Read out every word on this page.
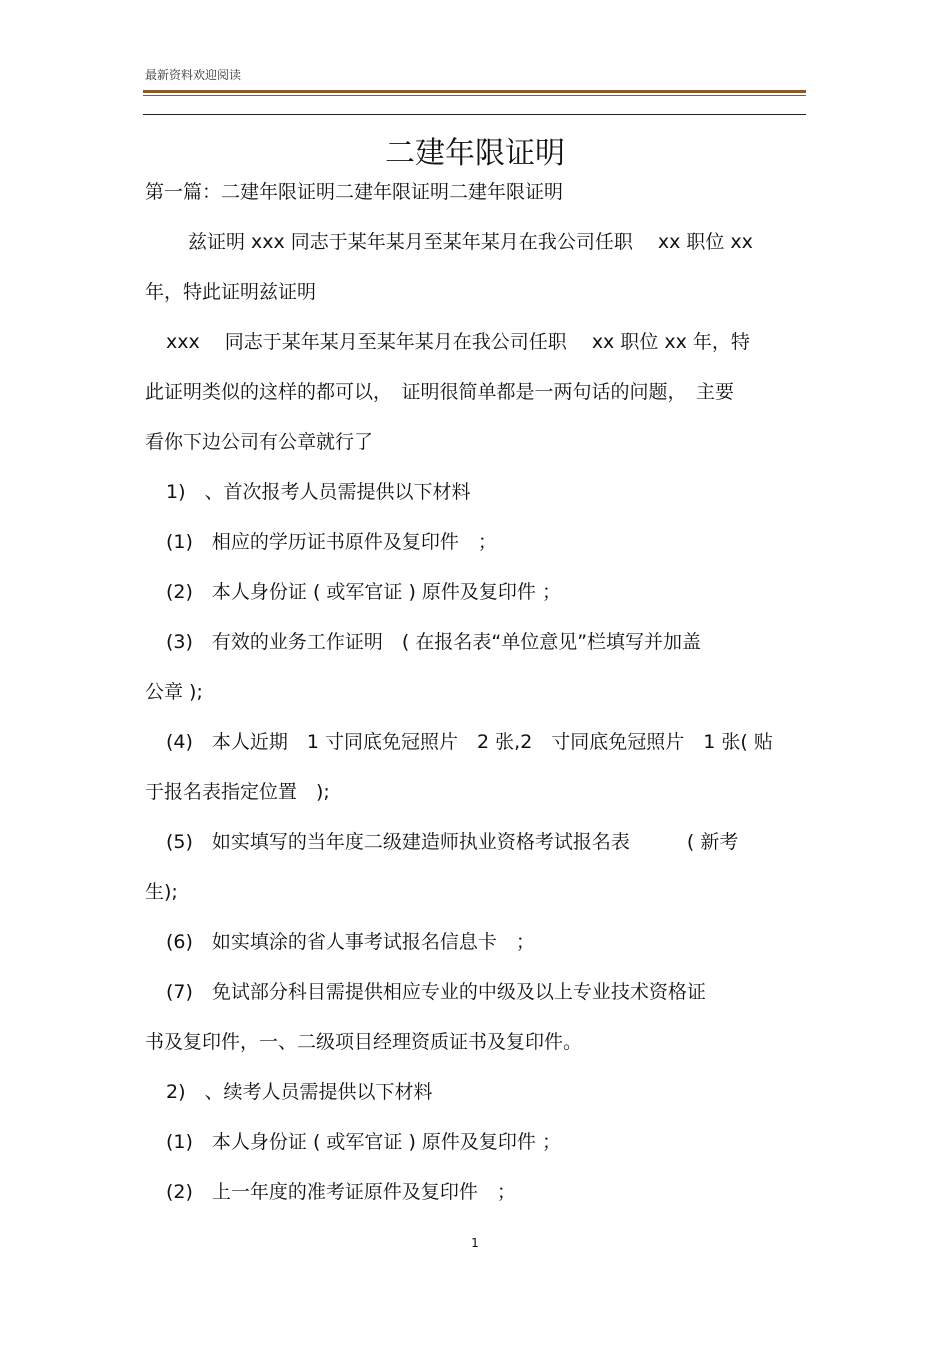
最新资料欢迎阅读
二建年限证明
第一篇：二建年限证明二建年限证明二建年限证明
兹证明 xxx 同志于某年某月至某年某月在我公司任职　 xx 职位 xx
年，特此证明兹证明
xxx　 同志于某年某月至某年某月在我公司任职　 xx 职位 xx 年，特
此证明类似的这样的都可以，　证明很简单都是一两句话的问题，　主要
看你下边公司有公章就行了
1)　、首次报考人员需提供以下材料
(1)　相应的学历证书原件及复印件　；
(2)　本人身份证 ( 或军官证 ) 原件及复印件 ；
(3)　有效的业务工作证明　( 在报名表“单位意见”栏填写并加盖
公章 );
(4)　本人近期　1 寸同底免冠照片　2 张,2　寸同底免冠照片　1 张( 贴
于报名表指定位置　);
(5)　如实填写的当年度二级建造师执业资格考试报名表　　　( 新考
生);
(6)　如实填涂的省人事考试报名信息卡　；
(7)　免试部分科目需提供相应专业的中级及以上专业技术资格证
书及复印件，一、二级项目经理资质证书及复印件。
2)　、续考人员需提供以下材料
(1)　本人身份证 ( 或军官证 ) 原件及复印件 ；
(2)　上一年度的准考证原件及复印件　；
1
